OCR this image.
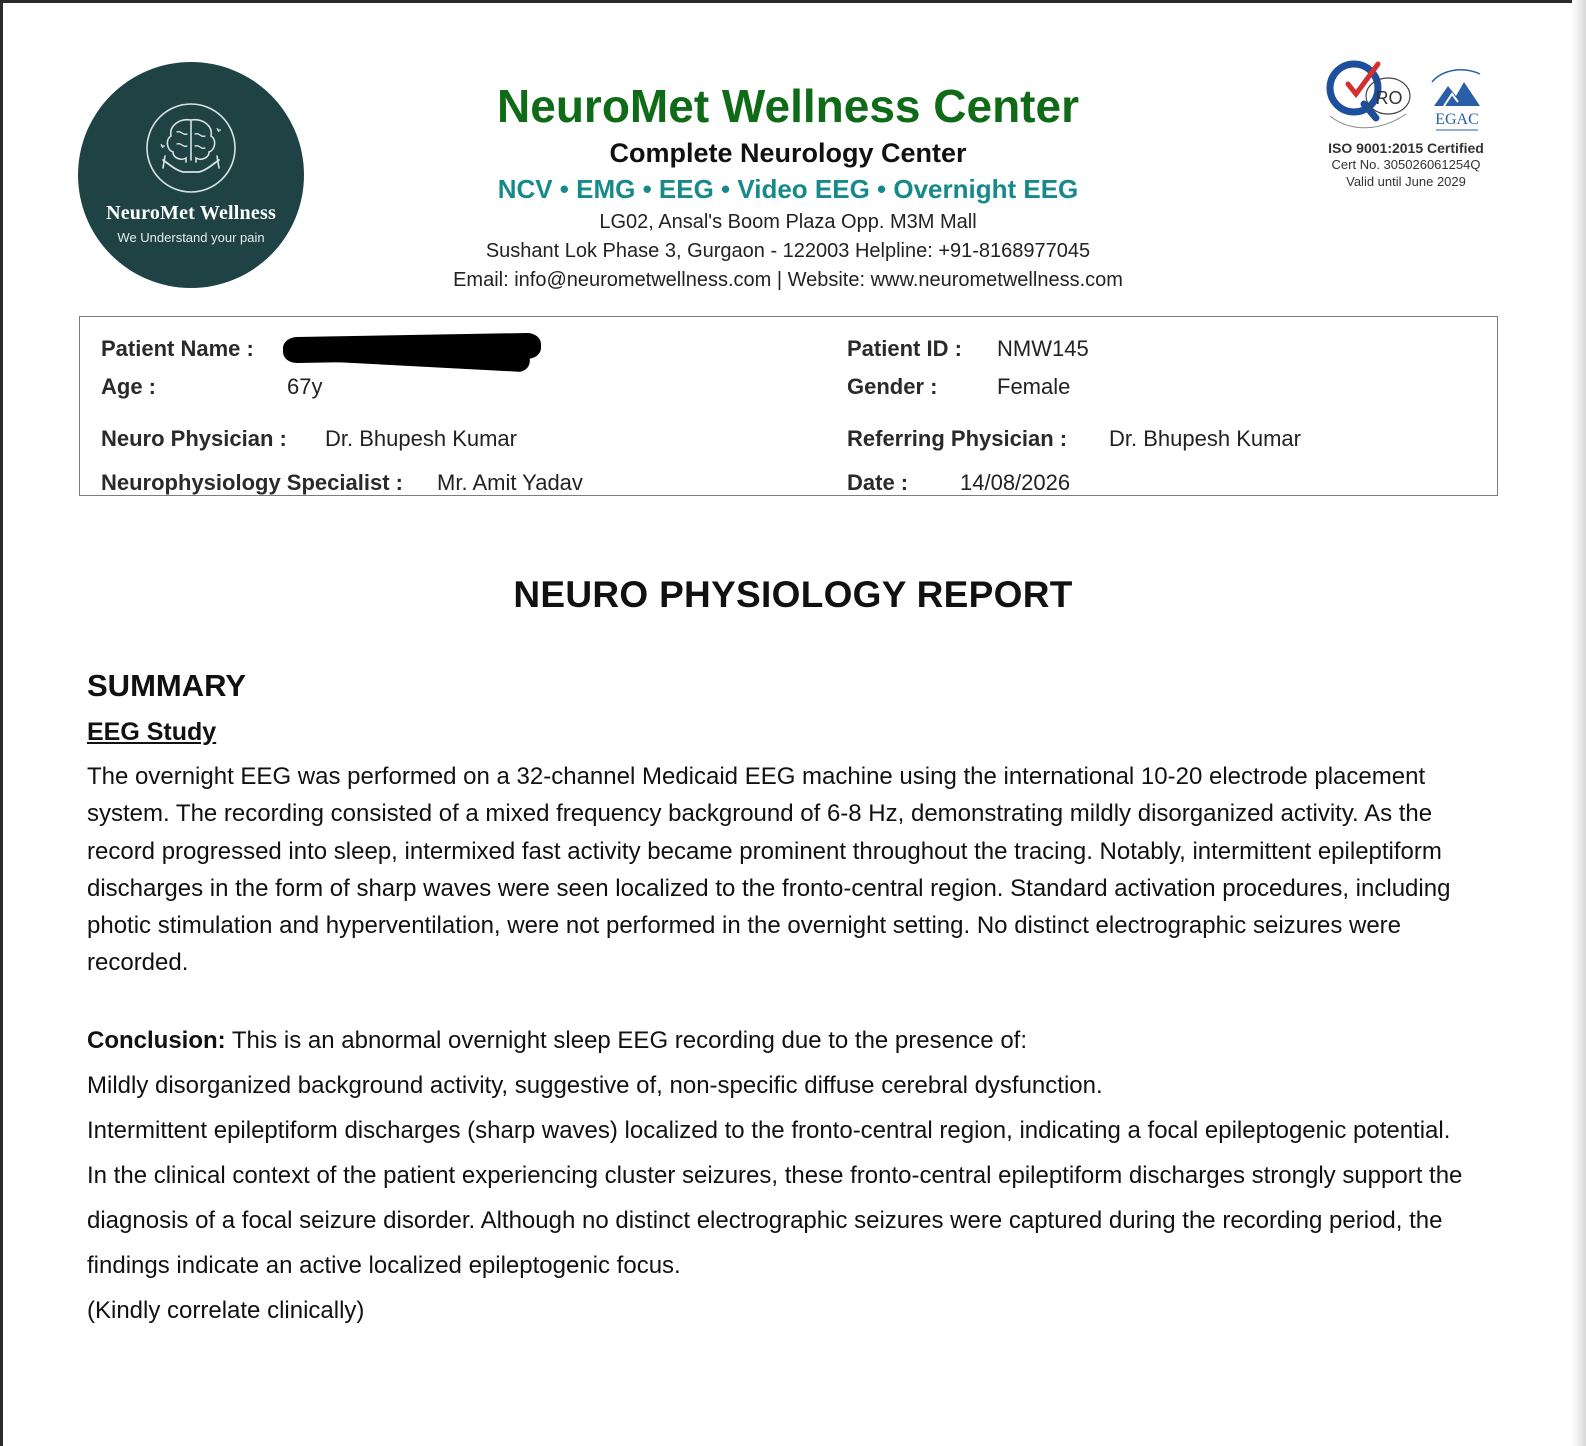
NeuroMet Wellness
We Understand your pain
NeuroMet Wellness Center
Complete Neurology Center
NCV • EMG • EEG • Video EEG • Overnight EEG
LG02, Ansal's Boom Plaza Opp. M3M Mall
Sushant Lok Phase 3, Gurgaon - 122003 Helpline: +91-8168977045
Email: info@neurometwellness.com | Website: www.neurometwellness.com
RO
EGAC
ISO 9001:2015 Certified
Cert No. 305026061254Q
Valid until June 2029
Patient Name :	Patient ID : NMW145
Age :	67y	Gender :	Female
Neuro Physician : Dr. Bhupesh Kumar	Referring Physician : Dr. Bhupesh Kumar
Neurophysiology Specialist : Mr. Amit Yadav	Date : 14/08/2026
NEURO PHYSIOLOGY REPORT
SUMMARY
EEG Study
The overnight EEG was performed on a 32-channel Medicaid EEG machine using the international 10-20 electrode placement system. The recording consisted of a mixed frequency background of 6-8 Hz, demonstrating mildly disorganized activity. As the record progressed into sleep, intermixed fast activity became prominent throughout the tracing. Notably, intermittent epileptiform discharges in the form of sharp waves were seen localized to the fronto-central region. Standard activation procedures, including photic stimulation and hyperventilation, were not performed in the overnight setting. No distinct electrographic seizures were recorded.
Conclusion: This is an abnormal overnight sleep EEG recording due to the presence of:

Mildly disorganized background activity, suggestive of, non-specific diffuse cerebral dysfunction.

Intermittent epileptiform discharges (sharp waves) localized to the fronto-central region, indicating a focal epileptogenic potential.

In the clinical context of the patient experiencing cluster seizures, these fronto-central epileptiform discharges strongly support the diagnosis of a focal seizure disorder. Although no distinct electrographic seizures were captured during the recording period, the findings indicate an active localized epileptogenic focus.

(Kindly correlate clinically)
